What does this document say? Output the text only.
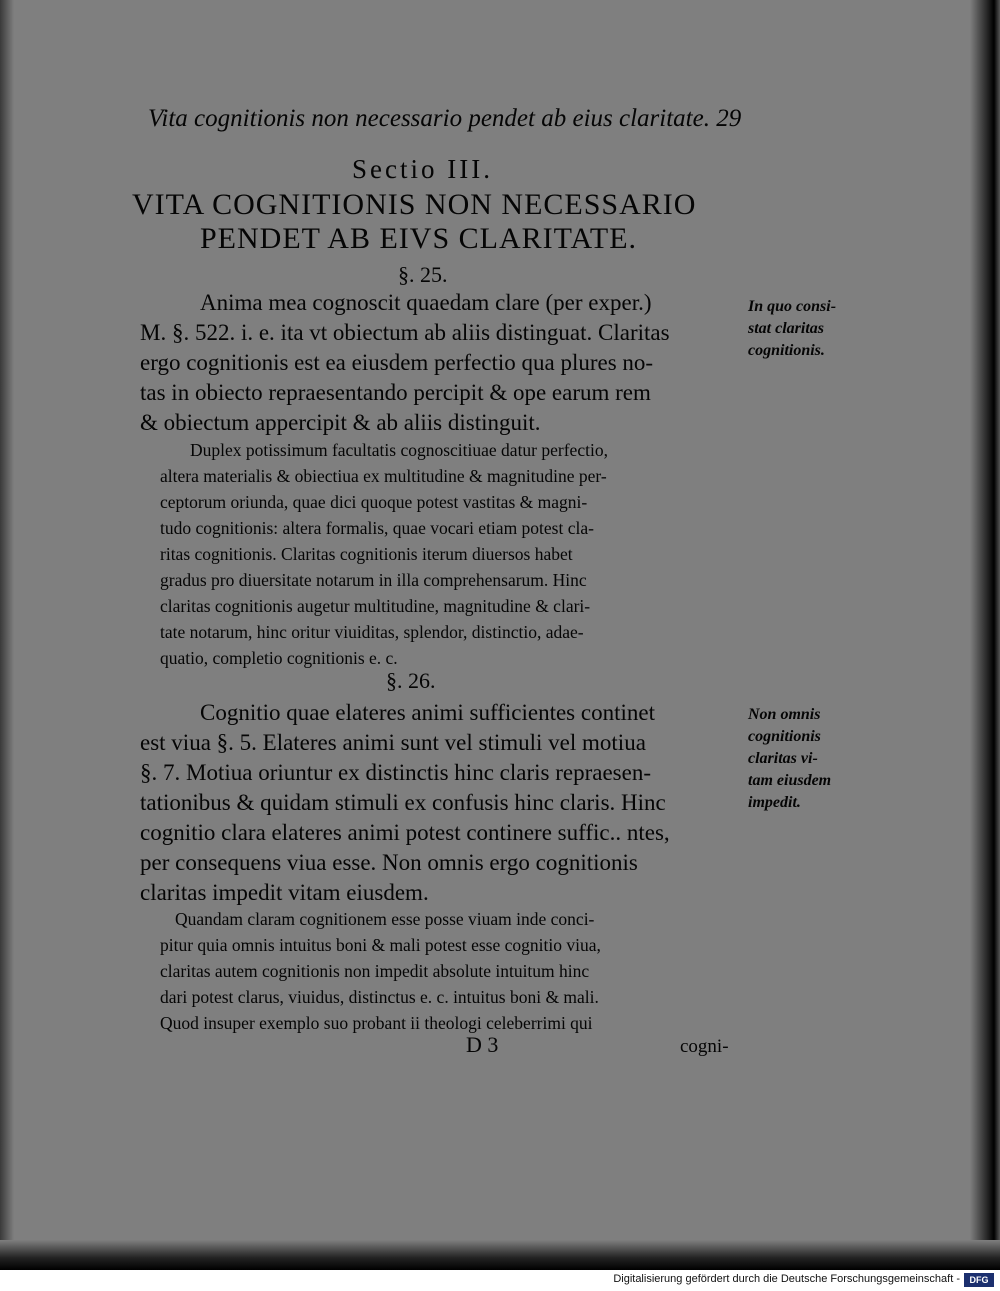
Vita cognitionis non necessario pendet ab eius claritate. 29
Sectio III.
VITA COGNITIONIS NON NECESSARIO
PENDET AB EIVS CLARITATE.
§. 25.
Anima mea cognoscit quaedam clare (per exper.)
M. §. 522. i. e. ita vt obiectum ab aliis distinguat. Claritas
ergo cognitionis est ea eiusdem perfectio qua plures no-
tas in obiecto repraesentando percipit & ope earum rem
& obiectum appercipit & ab aliis distinguit.
Duplex potissimum facultatis cognoscitiuae datur perfectio,
altera materialis & obiectiua ex multitudine & magnitudine per-
ceptorum oriunda, quae dici quoque potest vastitas & magni-
tudo cognitionis: altera formalis, quae vocari etiam potest cla-
ritas cognitionis. Claritas cognitionis iterum diuersos habet
gradus pro diuersitate notarum in illa comprehensarum. Hinc
claritas cognitionis augetur multitudine, magnitudine & clari-
tate notarum, hinc oritur viuiditas, splendor, distinctio, adae-
quatio, completio cognitionis e. c.
§. 26.
Cognitio quae elateres animi sufficientes continet
est viua §. 5. Elateres animi sunt vel stimuli vel motiua
§. 7. Motiua oriuntur ex distinctis hinc claris repraesen-
tationibus & quidam stimuli ex confusis hinc claris. Hinc
cognitio clara elateres animi potest continere suffic.. ntes,
per consequens viua esse. Non omnis ergo cognitionis
claritas impedit vitam eiusdem.
Quandam claram cognitionem esse posse viuam inde conci-
pitur quia omnis intuitus boni & mali potest esse cognitio viua,
claritas autem cognitionis non impedit absolute intuitum hinc
dari potest clarus, viuidus, distinctus e. c. intuitus boni & mali.
Quod insuper exemplo suo probant ii theologi celeberrimi qui
In quo consi-
stat claritas
cognitionis.
Non omnis
cognitionis
claritas vi-
tam eiusdem
impedit.
D 3	cogni-
Digitalisierung gefördert durch die Deutsche Forschungsgemeinschaft -	DFG
